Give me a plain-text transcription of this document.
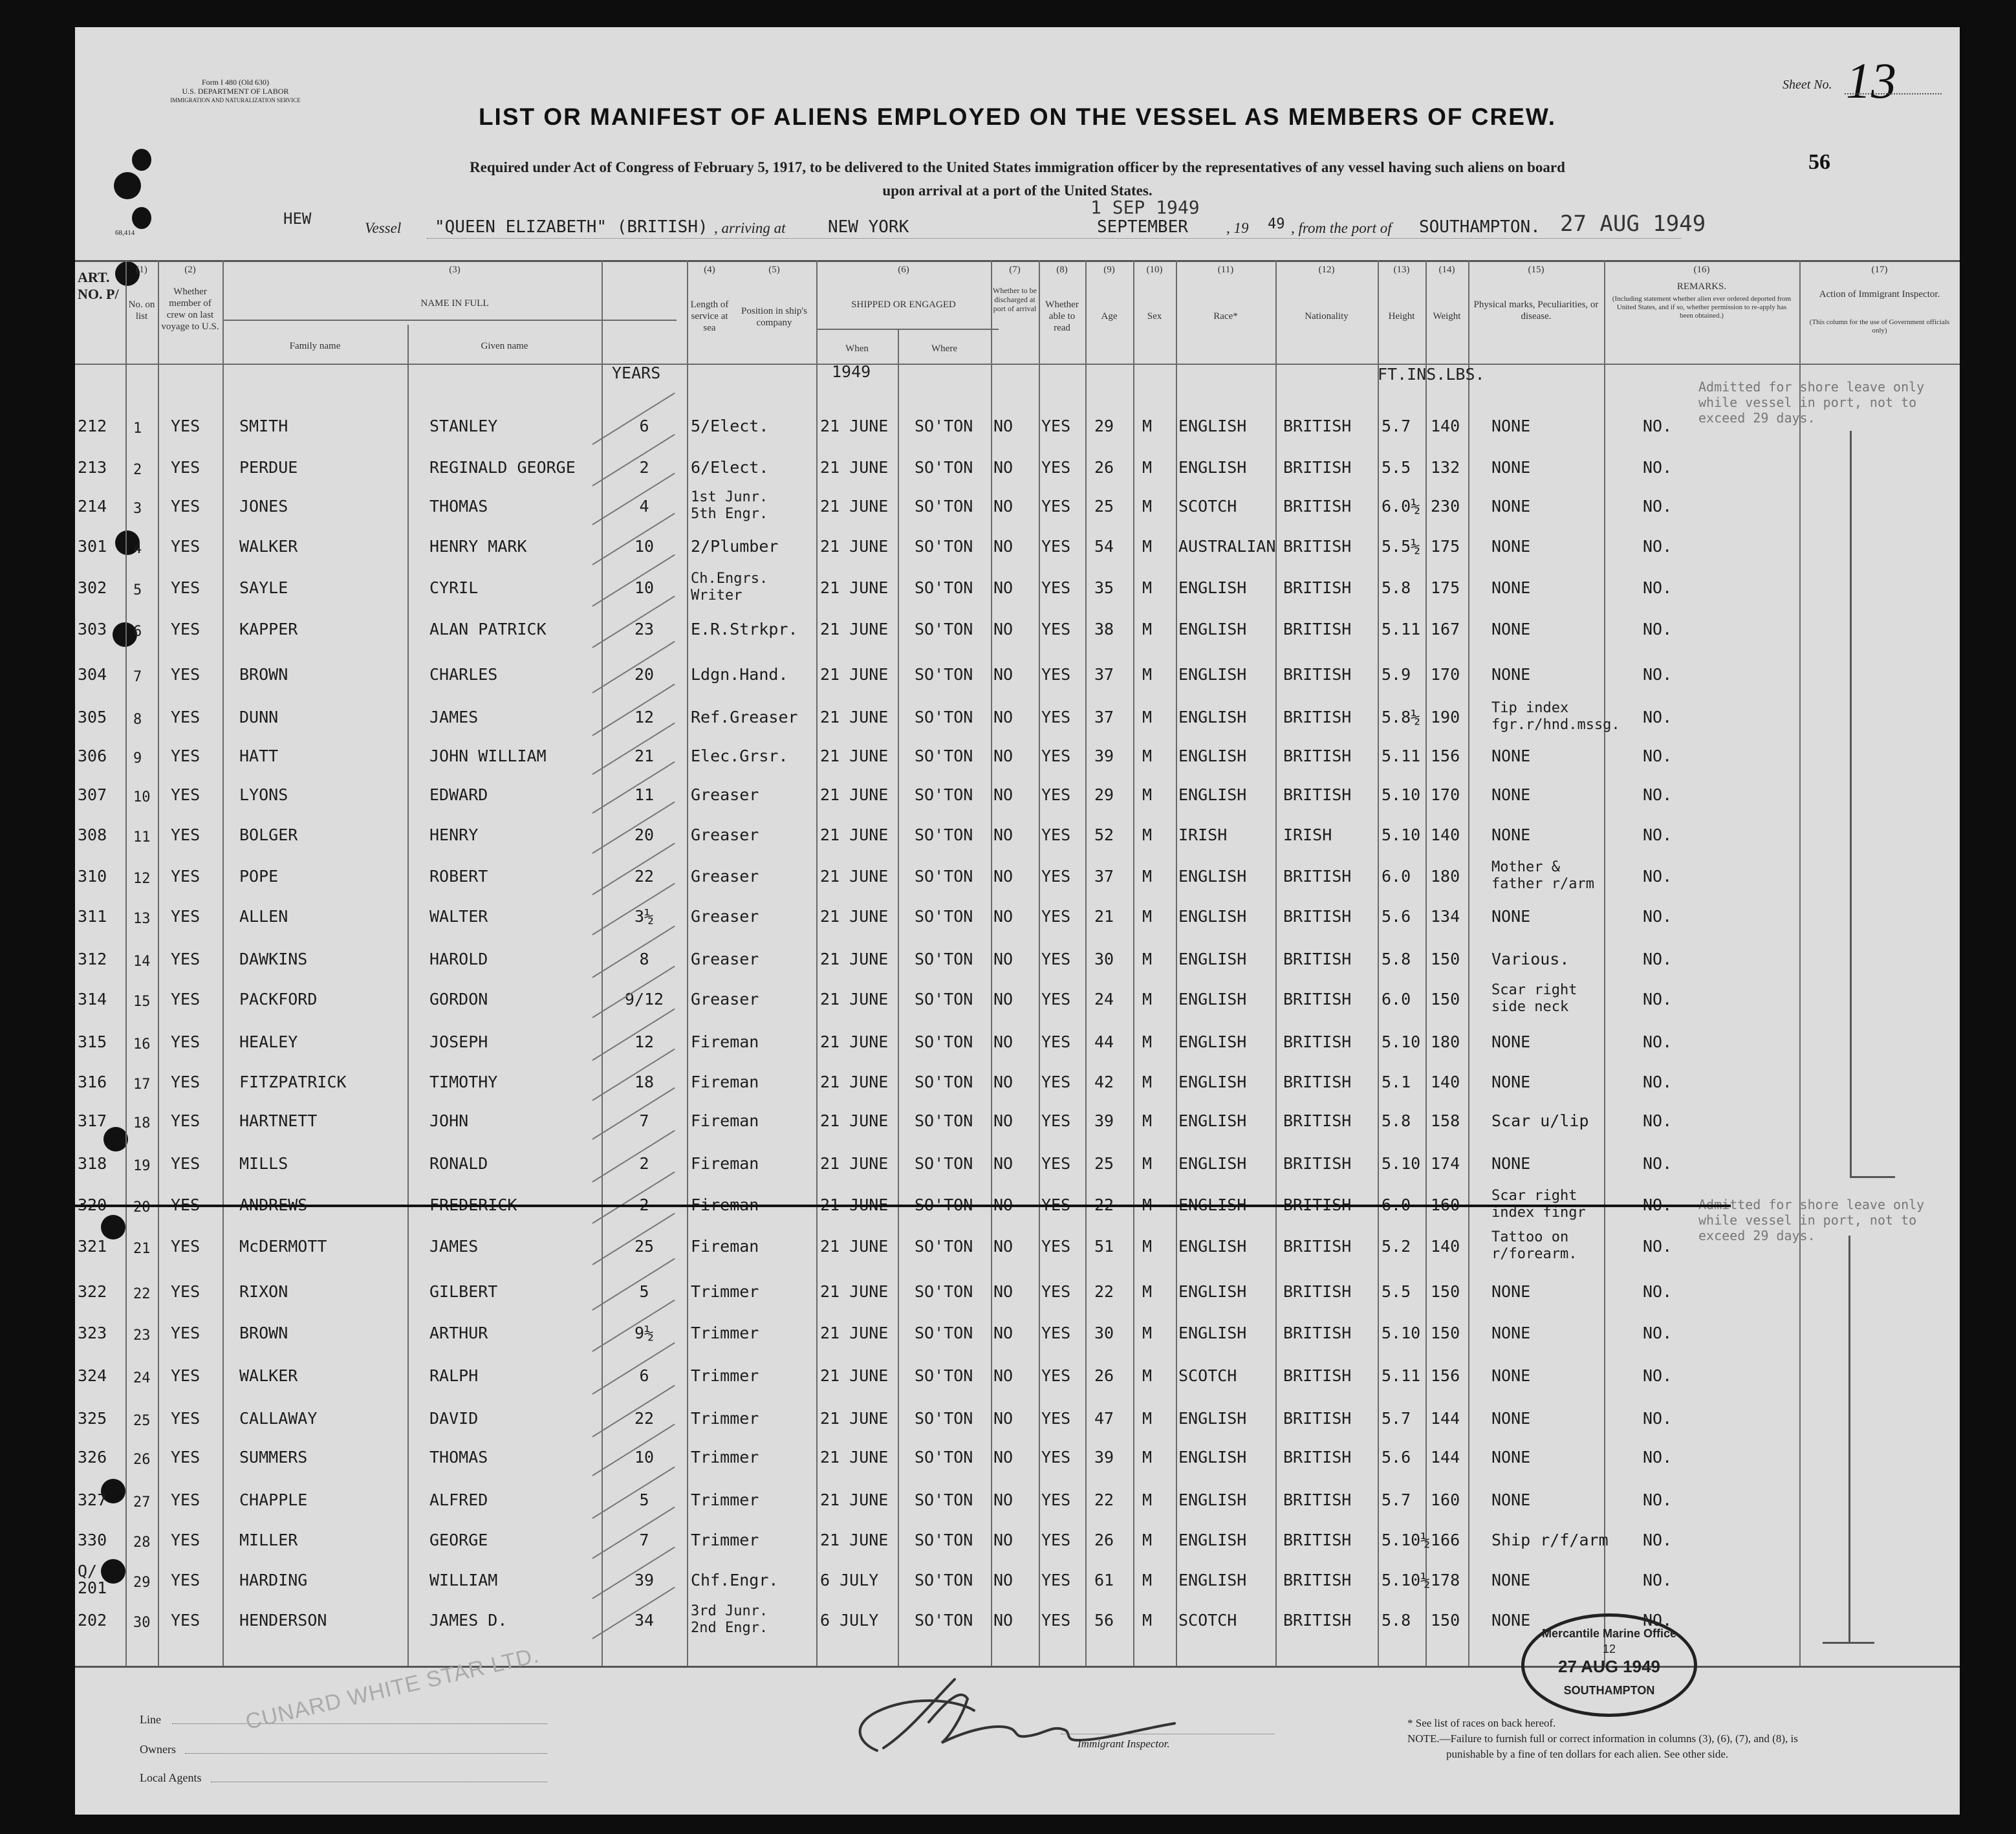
Form I 480 (Old 630)
U.S. DEPARTMENT OF LABOR
IMMIGRATION AND NATURALIZATION SERVICE
68,414
Sheet No. 13
LIST OR MANIFEST OF ALIENS EMPLOYED ON THE VESSEL AS MEMBERS OF CREW.
56
Required under Act of Congress of February 5, 1917, to be delivered to the United States immigration officer by the representatives of any vessel having such aliens on board
upon arrival at a port of the United States.
HEW
Vessel "QUEEN ELIZABETH" (BRITISH) , arriving at	NEW YORK
1 SEP 1949
SEPTEMBER	, 19 49 , from the port of SOUTHAMPTON. 27 AUG 1949
ART. NO. P/
(1)
No. on list
(2)
Whether member of crew on last voyage to U.S.
(3)
NAME IN FULL
Family name	Given name
(4)
Length of service at sea
(5)
Position in ship's company
(6)
SHIPPED OR ENGAGED
When	Where
(7)
Whether to be discharged at port of arrival
(8)
Whether able to read
(9)
Age
(10)
Sex
(11)
Race*
(12)
Nationality
(13)
Height
(14)
Weight
(15)
Physical marks, Peculiarities, or disease.
(16)
REMARKS.
(Including statement whether alien ever ordered deported from United States, and if so, whether permission to re-apply has been obtained.)
(17)
Action of Immigrant Inspector.
(This column for the use of Government officials only)
YEARS	1949	FT.INS.LBS.
Admitted for shore leave only while vessel in port, not to exceed 29 days.
Admitted for shore leave only while vessel in port, not to exceed 29 days.
212 1 YES SMITH	STANLEY	6	5/Elect.	21 JUNE SO'TON NO YES 29 M ENGLISH BRITISH 5.7 140 NONE	NO.
213 2 YES PERDUE	REGINALD GEORGE	2	6/Elect.	21 JUNE SO'TON NO YES 26 M ENGLISH BRITISH 5.5 132 NONE	NO.
214 3 YES JONES	THOMAS	4	1st Junr.
5th Engr.	21 JUNE SO'TON NO YES 25 M SCOTCH	BRITISH 6.0½ 230 NONE	NO.
301 4 YES WALKER	HENRY MARK	10	2/Plumber	21 JUNE SO'TON NO YES 54 M AUSTRALIAN BRITISH 5.5½ 175 NONE	NO.
302 5 YES SAYLE	CYRIL	10	Ch.Engrs.
Writer	21 JUNE SO'TON NO YES 35 M ENGLISH BRITISH 5.8 175 NONE	NO.
303 6 YES KAPPER	ALAN PATRICK	23	E.R.Strkpr. 21 JUNE SO'TON NO YES 38 M ENGLISH BRITISH 5.11 167 NONE	NO.
304 7 YES BROWN	CHARLES	20	Ldgn.Hand. 21 JUNE SO'TON NO YES 37 M ENGLISH BRITISH 5.9 170 NONE	NO.
305 8 YES DUNN	JAMES	12	Ref.Greaser 21 JUNE SO'TON NO YES 37 M ENGLISH BRITISH 5.8½ 190 Tip index
fgr.r/hnd.mssg. NO.
306 9 YES HATT	JOHN WILLIAM	21	Elec.Grsr. 21 JUNE SO'TON NO YES 39 M ENGLISH BRITISH 5.11 156 NONE	NO.
307 10 YES LYONS	EDWARD	11	Greaser	21 JUNE SO'TON NO YES 29 M ENGLISH BRITISH 5.10 170 NONE	NO.
308 11 YES BOLGER	HENRY	20	Greaser	21 JUNE SO'TON NO YES 52 M IRISH	IRISH	5.10 140 NONE	NO.
310 12 YES POPE	ROBERT	22	Greaser	21 JUNE SO'TON NO YES 37 M ENGLISH BRITISH 6.0 180 Mother &
father r/arm	NO.
311 13 YES ALLEN	WALTER	3½	Greaser	21 JUNE SO'TON NO YES 21 M ENGLISH BRITISH 5.6 134 NONE	NO.
312 14 YES DAWKINS	HAROLD	8	Greaser	21 JUNE SO'TON NO YES 30 M ENGLISH BRITISH 5.8 150 Various.	NO.
314 15 YES PACKFORD	GORDON	9/12	Greaser	21 JUNE SO'TON NO YES 24 M ENGLISH BRITISH 6.0 150 Scar right
side neck	NO.
315 16 YES HEALEY	JOSEPH	12	Fireman	21 JUNE SO'TON NO YES 44 M ENGLISH BRITISH 5.10 180 NONE	NO.
316 17 YES FITZPATRICK	TIMOTHY	18	Fireman	21 JUNE SO'TON NO YES 42 M ENGLISH BRITISH 5.1 140 NONE	NO.
317 18 YES HARTNETT	JOHN	7	Fireman	21 JUNE SO'TON NO YES 39 M ENGLISH BRITISH 5.8 158 Scar u/lip	NO.
318 19 YES MILLS	RONALD	2	Fireman	21 JUNE SO'TON NO YES 25 M ENGLISH BRITISH 5.10 174 NONE	NO.
320 20 YES ANDREWS	FREDERICK	2	Fireman	21 JUNE SO'TON NO YES 22 M ENGLISH BRITISH 6.0 160 Scar right
index fingr	NO.
321 21 YES McDERMOTT	JAMES	25	Fireman	21 JUNE SO'TON NO YES 51 M ENGLISH BRITISH 5.2 140 Tattoo on
r/forearm.	NO.
322 22 YES RIXON	GILBERT	5	Trimmer	21 JUNE SO'TON NO YES 22 M ENGLISH BRITISH 5.5 150 NONE	NO.
323 23 YES BROWN	ARTHUR	9½	Trimmer	21 JUNE SO'TON NO YES 30 M ENGLISH BRITISH 5.10 150 NONE	NO.
324 24 YES WALKER	RALPH	6	Trimmer	21 JUNE SO'TON NO YES 26 M SCOTCH	BRITISH 5.11 156 NONE	NO.
325 25 YES CALLAWAY	DAVID	22	Trimmer	21 JUNE SO'TON NO YES 47 M ENGLISH BRITISH 5.7 144 NONE	NO.
326 26 YES SUMMERS	THOMAS	10	Trimmer	21 JUNE SO'TON NO YES 39 M ENGLISH BRITISH 5.6 144 NONE	NO.
327 27 YES CHAPPLE	ALFRED	5	Trimmer	21 JUNE SO'TON NO YES 22 M ENGLISH BRITISH 5.7 160 NONE	NO.
330 28 YES MILLER	GEORGE	7	Trimmer	21 JUNE SO'TON NO YES 26 M ENGLISH BRITISH 5.10½ 166 Ship r/f/arm NO.
Q/
201 29 YES HARDING	WILLIAM	39	Chf.Engr.	6 JULY SO'TON NO YES 61 M ENGLISH BRITISH 5.10½ 178 NONE	NO.
202 30 YES HENDERSON	JAMES D.	34	3rd Junr.
2nd Engr.	6 JULY SO'TON NO YES 56 M SCOTCH	BRITISH 5.8 150 NONE	NO.
Line
Owners
Local Agents
CUNARD WHITE STAR LTD.
Immigrant Inspector.
* See list of races on back hereof.
NOTE.—Failure to furnish full or correct information in columns (3), (6), (7), and (8), is
punishable by a fine of ten dollars for each alien. See other side.
Mercantile Marine Office
12
27 AUG 1949
SOUTHAMPTON
